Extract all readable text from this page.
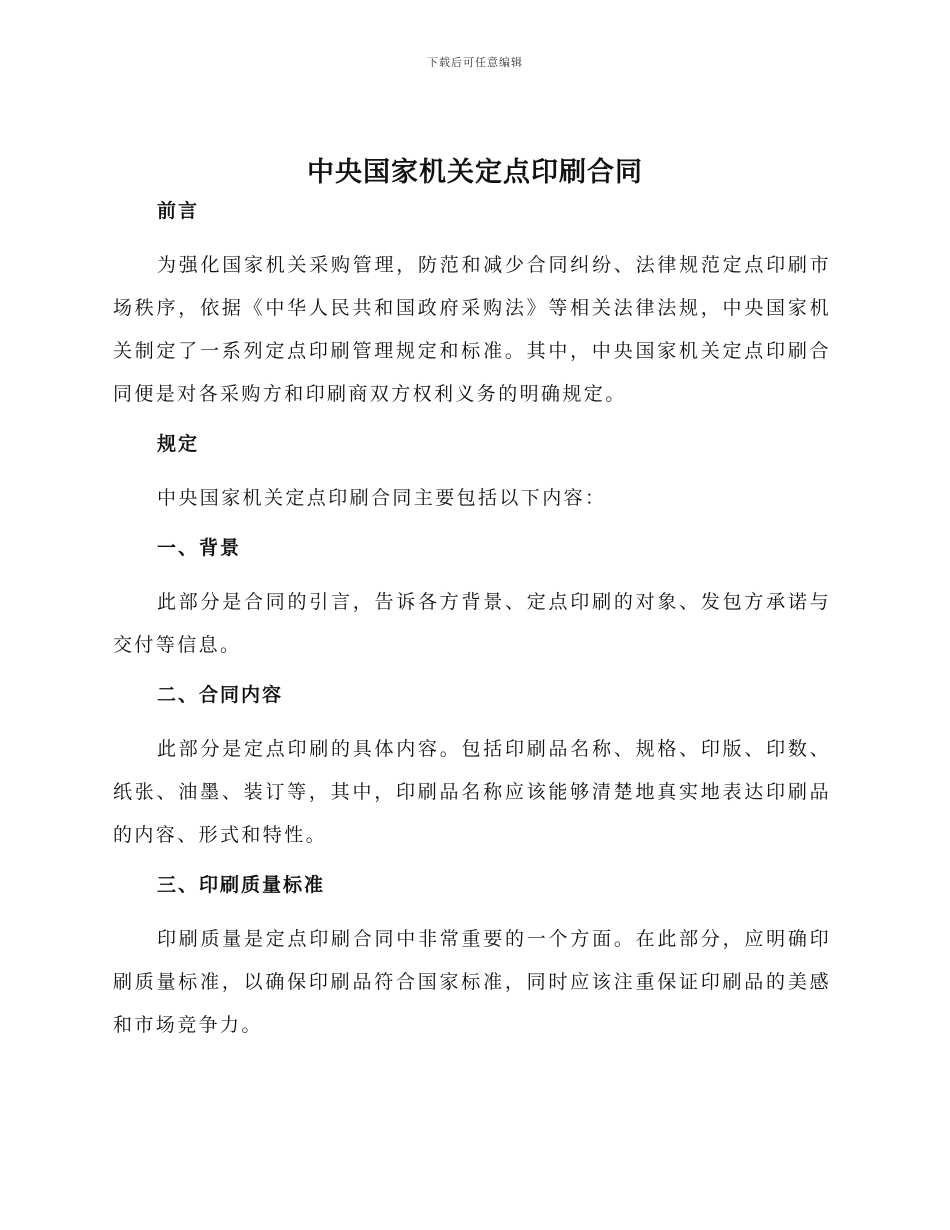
下载后可任意编辑
中央国家机关定点印刷合同

前言

为强化国家机关采购管理，防范和减少合同纠纷、法律规范定点印刷市场秩序，依据《中华人民共和国政府采购法》等相关法律法规，中央国家机关制定了一系列定点印刷管理规定和标准。其中，中央国家机关定点印刷合同便是对各采购方和印刷商双方权利义务的明确规定。

规定

中央国家机关定点印刷合同主要包括以下内容：

一、背景

此部分是合同的引言，告诉各方背景、定点印刷的对象、发包方承诺与交付等信息。

二、合同内容

此部分是定点印刷的具体内容。包括印刷品名称、规格、印版、印数、纸张、油墨、装订等，其中，印刷品名称应该能够清楚地真实地表达印刷品的内容、形式和特性。

三、印刷质量标准

印刷质量是定点印刷合同中非常重要的一个方面。在此部分，应明确印刷质量标准，以确保印刷品符合国家标准，同时应该注重保证印刷品的美感和市场竞争力。
